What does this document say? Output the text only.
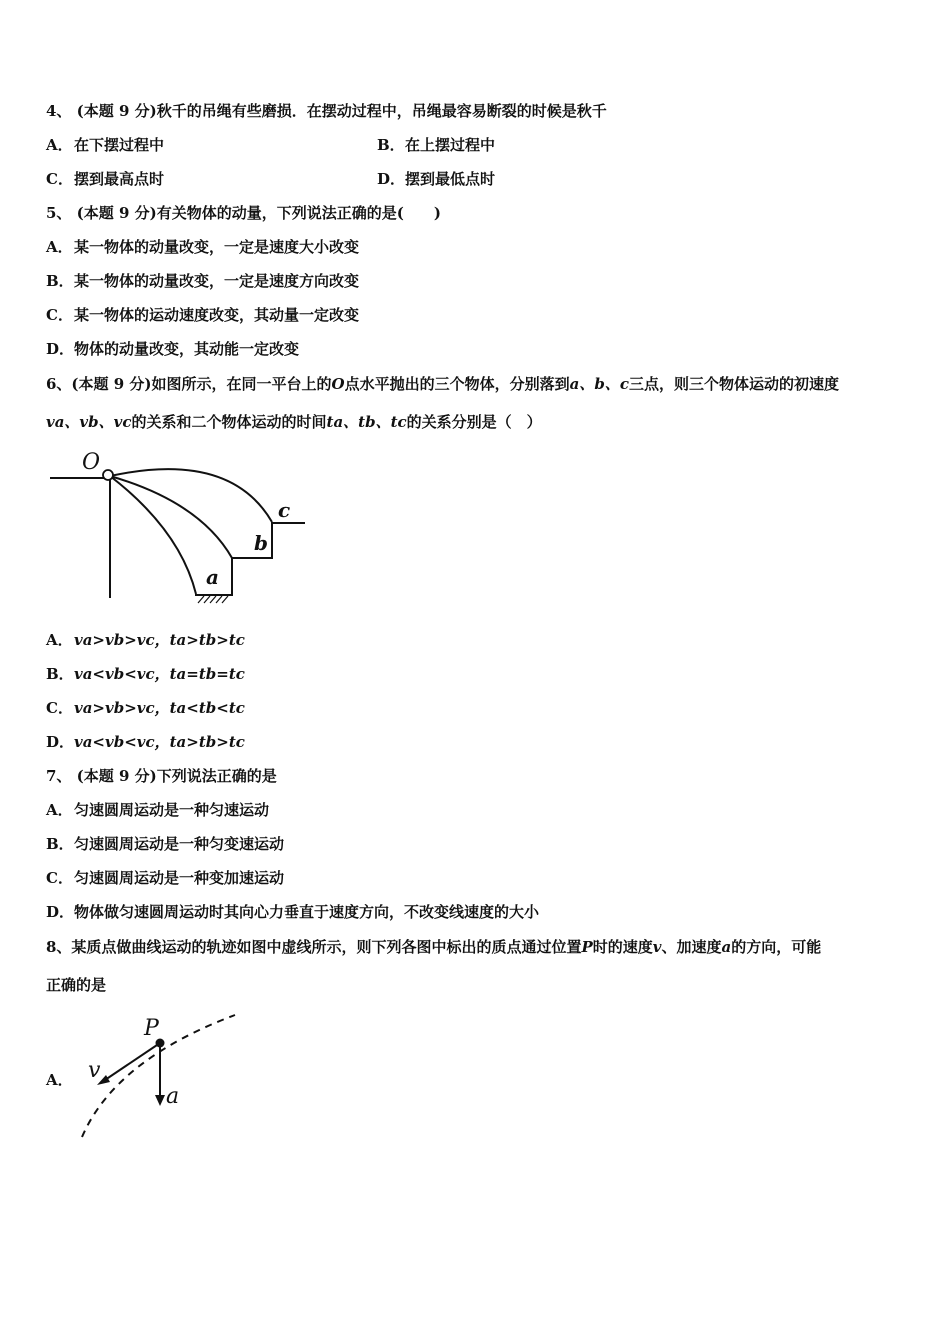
4、 (本题 9 分)秋千的吊绳有些磨损．在摆动过程中，吊绳最容易断裂的时候是秋千
A．在下摆过程中	B．在上摆过程中
C．摆到最高点时	D．摆到最低点时
5、 (本题 9 分)有关物体的动量，下列说法正确的是(　　)
A．某一物体的动量改变，一定是速度大小改变
B．某一物体的动量改变，一定是速度方向改变
C．某一物体的运动速度改变，其动量一定改变
D．物体的动量改变，其动能一定改变
6、(本题 9 分)如图所示，在同一平台上的O点水平抛出的三个物体，分别落到a、b、c三点，则三个物体运动的初速度
va、vb、vc的关系和二个物体运动的时间ta、tb、tc的关系分别是（　）
O
a
b
c
A．va>vb>vc，ta>tb>tc
B．va<vb<vc，ta=tb=tc
C．va>vb>vc，ta<tb<tc
D．va<vb<vc，ta>tb>tc
7、 (本题 9 分)下列说法正确的是
A．匀速圆周运动是一种匀速运动
B．匀速圆周运动是一种匀变速运动
C．匀速圆周运动是一种变加速运动
D．物体做匀速圆周运动时其向心力垂直于速度方向，不改变线速度的大小
8、某质点做曲线运动的轨迹如图中虚线所示，则下列各图中标出的质点通过位置P时的速度v、加速度a的方向，可能
正确的是
A．
P
v
a
